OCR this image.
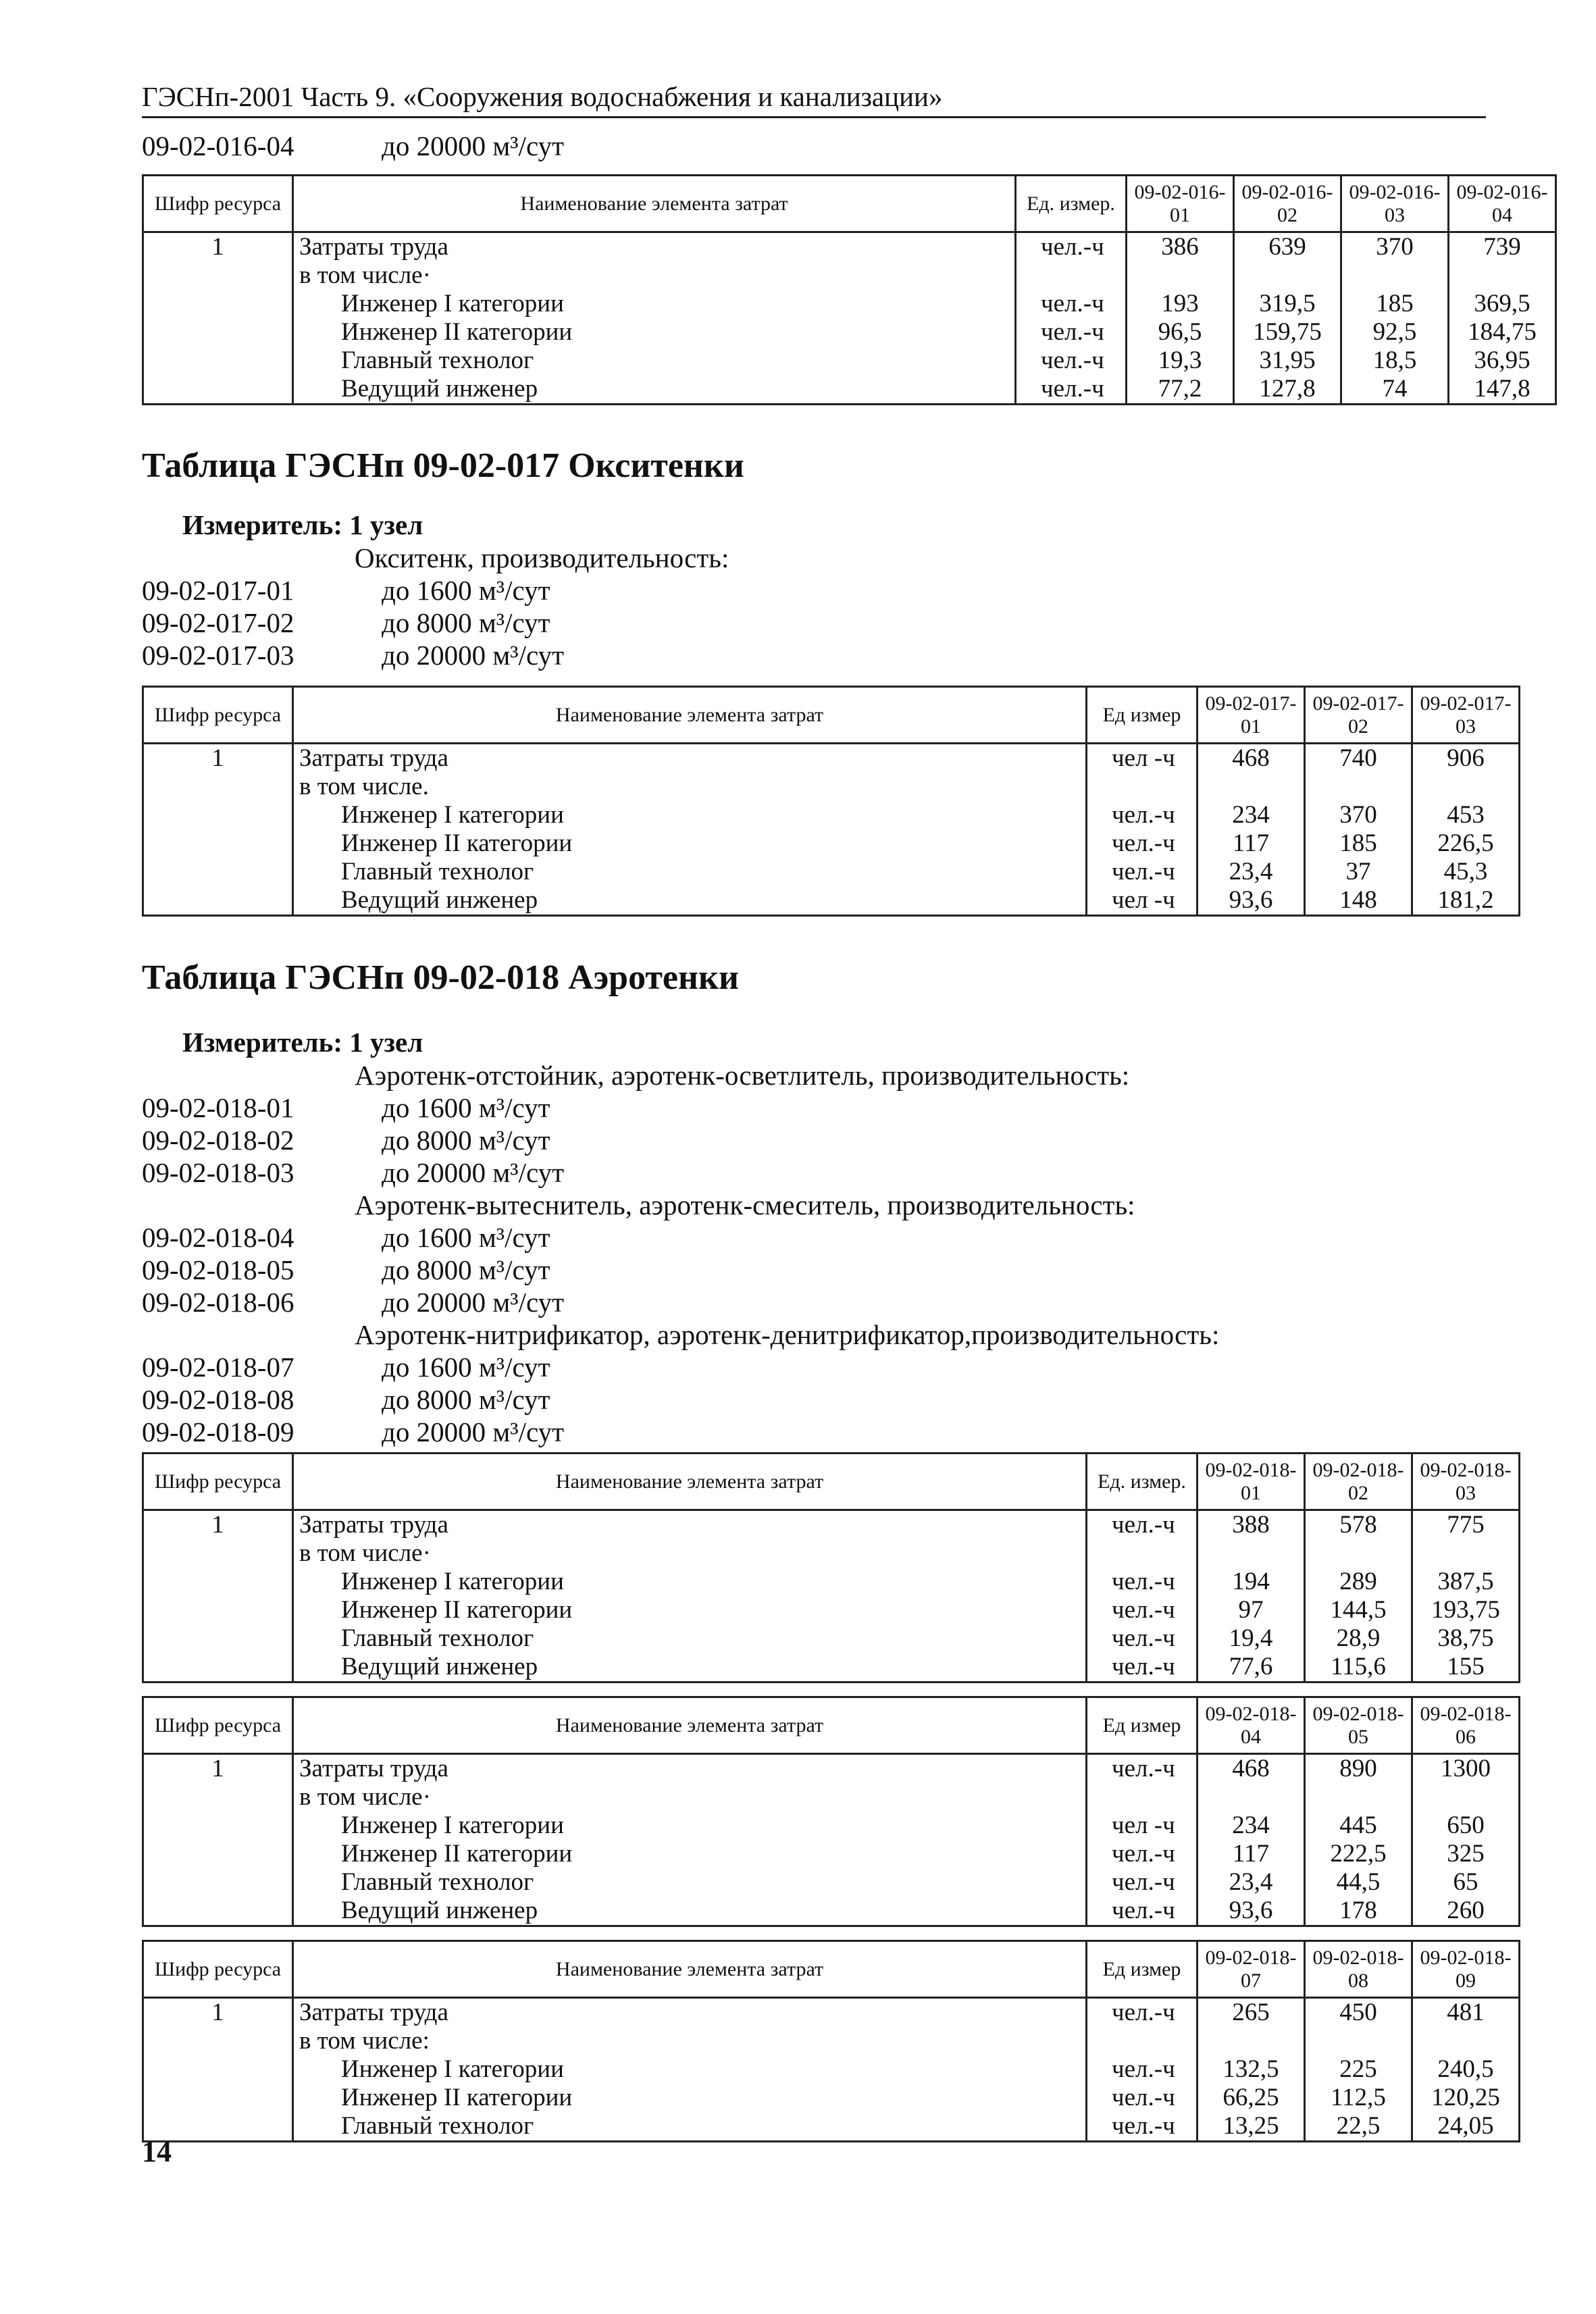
ГЭСНп-2001 Часть 9. «Сооружения водоснабжения и канализации»
09-02-016-04	до 20000 м³/сут
Шифр ресурса	Наименование элемента затрат	Ед. измер.	09-02-016-01	09-02-016-02	09-02-016-03	09-02-016-04
1	Затраты труда	чел.-ч	386	639	370	739
	в том числе·					
	Инженер I категории	чел.-ч	193	319,5	185	369,5
	Инженер II категории	чел.-ч	96,5	159,75	92,5	184,75
	Главный технолог	чел.-ч	19,3	31,95	18,5	36,95
	Ведущий инженер	чел.-ч	77,2	127,8	74	147,8
Таблица ГЭСНп 09-02-017 Окситенки
Измеритель: 1 узел
Окситенк, производительность:
09-02-017-01	до 1600 м³/сут
09-02-017-02	до 8000 м³/сут
09-02-017-03	до 20000 м³/сут
Шифр ресурса	Наименование элемента затрат	Ед измер	09-02-017-01	09-02-017-02	09-02-017-03
1	Затраты труда	чел -ч	468	740	906
	в том числе.				
	Инженер I категории	чел.-ч	234	370	453
	Инженер II категории	чел.-ч	117	185	226,5
	Главный технолог	чел.-ч	23,4	37	45,3
	Ведущий инженер	чел -ч	93,6	148	181,2
Таблица ГЭСНп 09-02-018 Аэротенки
Измеритель: 1 узел
Аэротенк-отстойник, аэротенк-осветлитель, производительность:
09-02-018-01	до 1600 м³/сут
09-02-018-02	до 8000 м³/сут
09-02-018-03	до 20000 м³/сут
Аэротенк-вытеснитель, аэротенк-смеситель, производительность:
09-02-018-04	до 1600 м³/сут
09-02-018-05	до 8000 м³/сут
09-02-018-06	до 20000 м³/сут
Аэротенк-нитрификатор, аэротенк-денитрификатор,производительность:
09-02-018-07	до 1600 м³/сут
09-02-018-08	до 8000 м³/сут
09-02-018-09	до 20000 м³/сут
Шифр ресурса	Наименование элемента затрат	Ед. измер.	09-02-018-01	09-02-018-02	09-02-018-03
1	Затраты труда	чел.-ч	388	578	775
	в том числе·				
	Инженер I категории	чел.-ч	194	289	387,5
	Инженер II категории	чел.-ч	97	144,5	193,75
	Главный технолог	чел.-ч	19,4	28,9	38,75
	Ведущий инженер	чел.-ч	77,6	115,6	155
Шифр ресурса	Наименование элемента затрат	Ед измер	09-02-018-04	09-02-018-05	09-02-018-06
1	Затраты труда	чел.-ч	468	890	1300
	в том числе·				
	Инженер I категории	чел -ч	234	445	650
	Инженер II категории	чел.-ч	117	222,5	325
	Главный технолог	чел.-ч	23,4	44,5	65
	Ведущий инженер	чел.-ч	93,6	178	260
Шифр ресурса	Наименование элемента затрат	Ед измер	09-02-018-07	09-02-018-08	09-02-018-09
1	Затраты труда	чел.-ч	265	450	481
	в том числе:				
	Инженер I категории	чел.-ч	132,5	225	240,5
	Инженер II категории	чел.-ч	66,25	112,5	120,25
	Главный технолог	чел.-ч	13,25	22,5	24,05
14
